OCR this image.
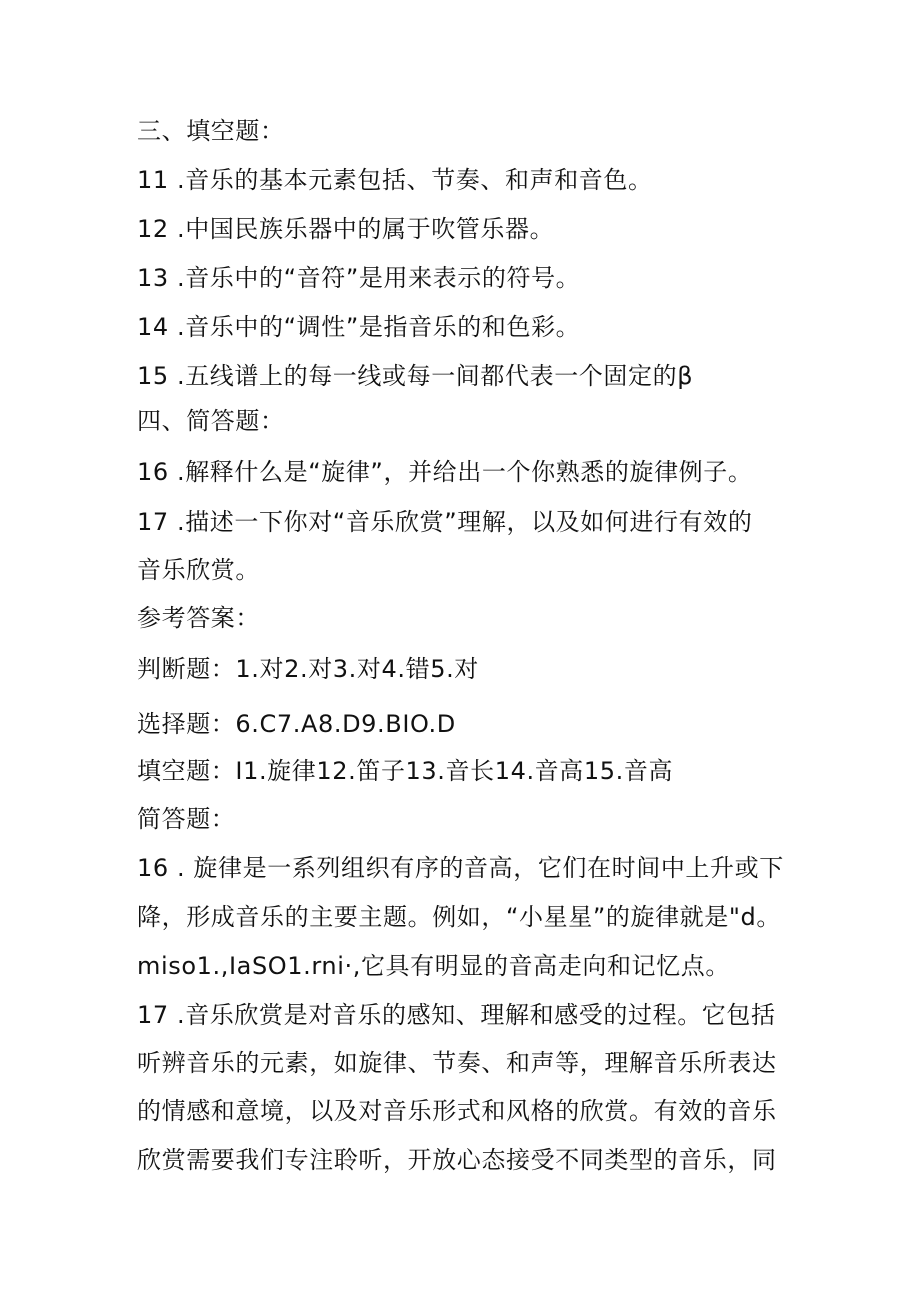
三、填空题：
11 .音乐的基本元素包括、节奏、和声和音色。
12 .中国民族乐器中的属于吹管乐器。
13 .音乐中的“音符”是用来表示的符号。
14 .音乐中的“调性”是指音乐的和色彩。
15 .五线谱上的每一线或每一间都代表一个固定的β
四、简答题：
16 .解释什么是“旋律”，并给出一个你熟悉的旋律例子。
17 .描述一下你对“音乐欣赏”理解，以及如何进行有效的
音乐欣赏。
参考答案：
判断题：1.对2.对3.对4.错5.对
选择题：6.C7.A8.D9.BIO.D
填空题：I1.旋律12.笛子13.音长14.音高15.音高
简答题：
16 . 旋律是一系列组织有序的音高，它们在时间中上升或下
降，形成音乐的主要主题。例如，“小星星”的旋律就是"d。
miso1.,IaSO1.rni·,它具有明显的音高走向和记忆点。
17 .音乐欣赏是对音乐的感知、理解和感受的过程。它包括
听辨音乐的元素，如旋律、节奏、和声等，理解音乐所表达
的情感和意境，以及对音乐形式和风格的欣赏。有效的音乐
欣赏需要我们专注聆听，开放心态接受不同类型的音乐，同
